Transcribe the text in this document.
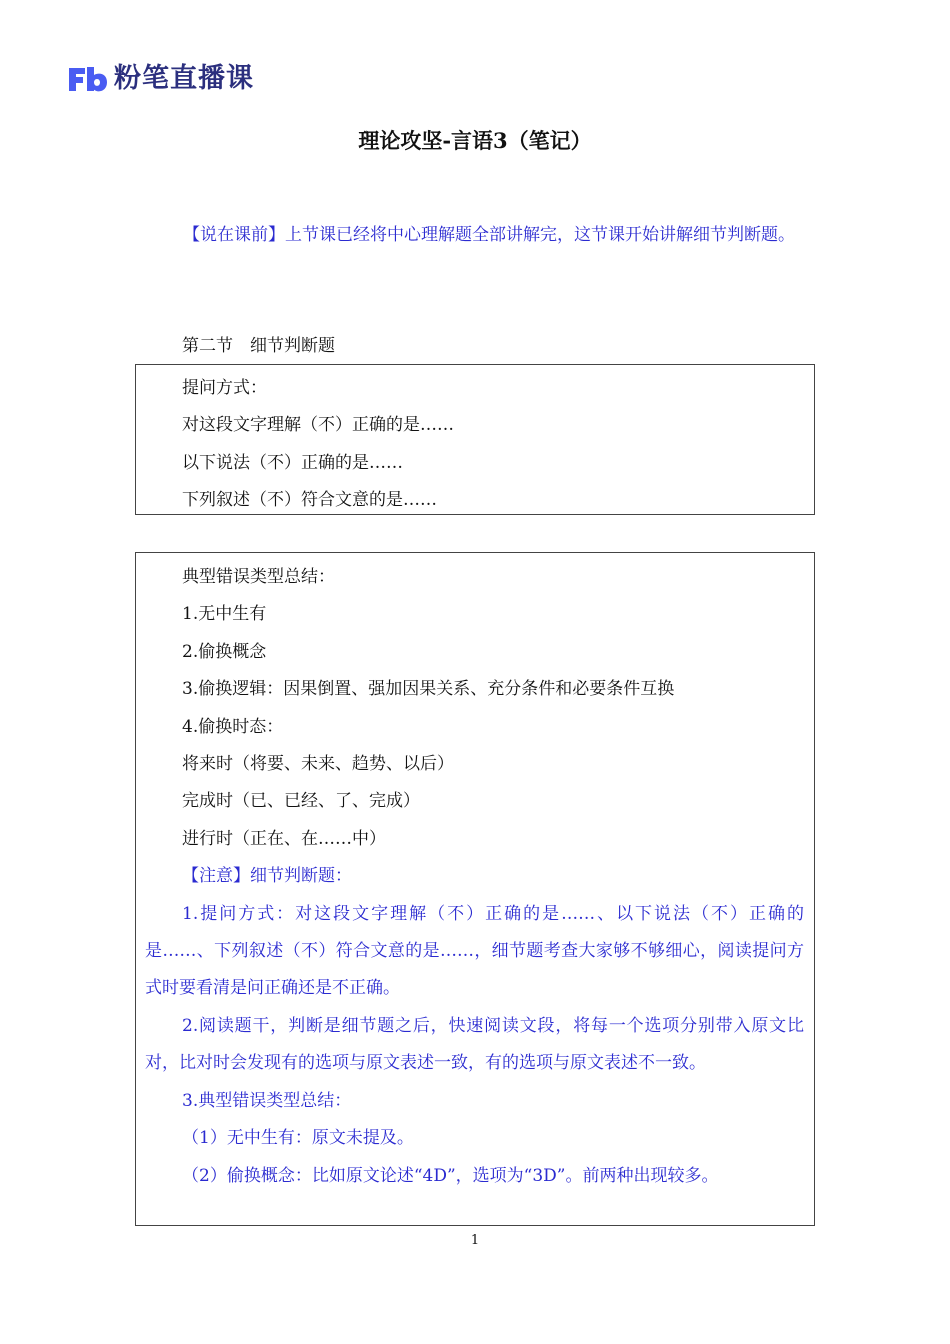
粉笔直播课
理论攻坚-言语3（笔记）
【说在课前】上节课已经将中心理解题全部讲解完，这节课开始讲解细节判断题。
第二节　细节判断题
提问方式：
对这段文字理解（不）正确的是……
以下说法（不）正确的是……
下列叙述（不）符合文意的是……
典型错误类型总结：
1.无中生有
2.偷换概念
3.偷换逻辑：因果倒置、强加因果关系、充分条件和必要条件互换
4.偷换时态：
将来时（将要、未来、趋势、以后）
完成时（已、已经、了、完成）
进行时（正在、在……中）
【注意】细节判断题：
1.提问方式：对这段文字理解（不）正确的是……、以下说法（不）正确的是……、下列叙述（不）符合文意的是……，细节题考查大家够不够细心，阅读提问方式时要看清是问正确还是不正确。
2.阅读题干，判断是细节题之后，快速阅读文段，将每一个选项分别带入原文比对，比对时会发现有的选项与原文表述一致，有的选项与原文表述不一致。
3.典型错误类型总结：
（1）无中生有：原文未提及。
（2）偷换概念：比如原文论述“4D”，选项为“3D”。前两种出现较多。
1
